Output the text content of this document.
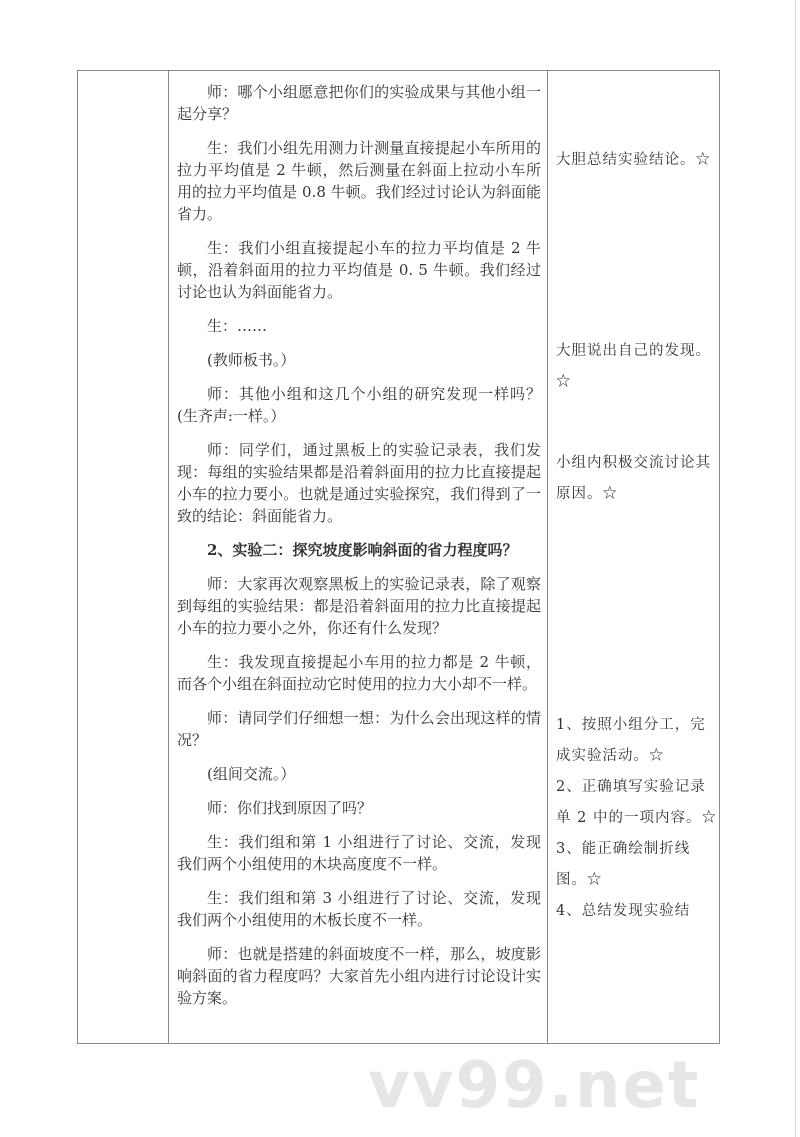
师：哪个小组愿意把你们的实验成果与其他小组一起分享？

生：我们小组先用测力计测量直接提起小车所用的拉力平均值是 2 牛顿，然后测量在斜面上拉动小车所用的拉力平均值是 0.8 牛顿。我们经过讨论认为斜面能省力。

生：我们小组直接提起小车的拉力平均值是 2 牛顿，沿着斜面用的拉力平均值是 0. 5 牛顿。我们经过讨论也认为斜面能省力。

生：……

(教师板书。）

师：其他小组和这几个小组的研究发现一样吗？(生齐声:一样。）

师：同学们，通过黑板上的实验记录表，我们发现：每组的实验结果都是沿着斜面用的拉力比直接提起小车的拉力要小。也就是通过实验探究，我们得到了一致的结论：斜面能省力。

2、实验二：探究坡度影响斜面的省力程度吗？

师：大家再次观察黑板上的实验记录表，除了观察到每组的实验结果：都是沿着斜面用的拉力比直接提起小车的拉力要小之外，你还有什么发现？

生：我发现直接提起小车用的拉力都是 2 牛顿，而各个小组在斜面拉动它时使用的拉力大小却不一样。

师：请同学们仔细想一想：为什么会出现这样的情况？

(组间交流。）

师：你们找到原因了吗？

生：我们组和第 1 小组进行了讨论、交流，发现我们两个小组使用的木块高度度不一样。

生：我们组和第 3 小组进行了讨论、交流，发现我们两个小组使用的木板长度不一样。

师：也就是搭建的斜面坡度不一样，那么，坡度影响斜面的省力程度吗？大家首先小组内进行讨论设计实验方案。

大胆总结实验结论。☆

大胆说出自己的发现。☆

小组内积极交流讨论其原因。☆

1、按照小组分工，完成实验活动。☆

2、正确填写实验记录单 2 中的一项内容。☆

3、能正确绘制折线图。☆

4、总结发现实验结

vv99.net
